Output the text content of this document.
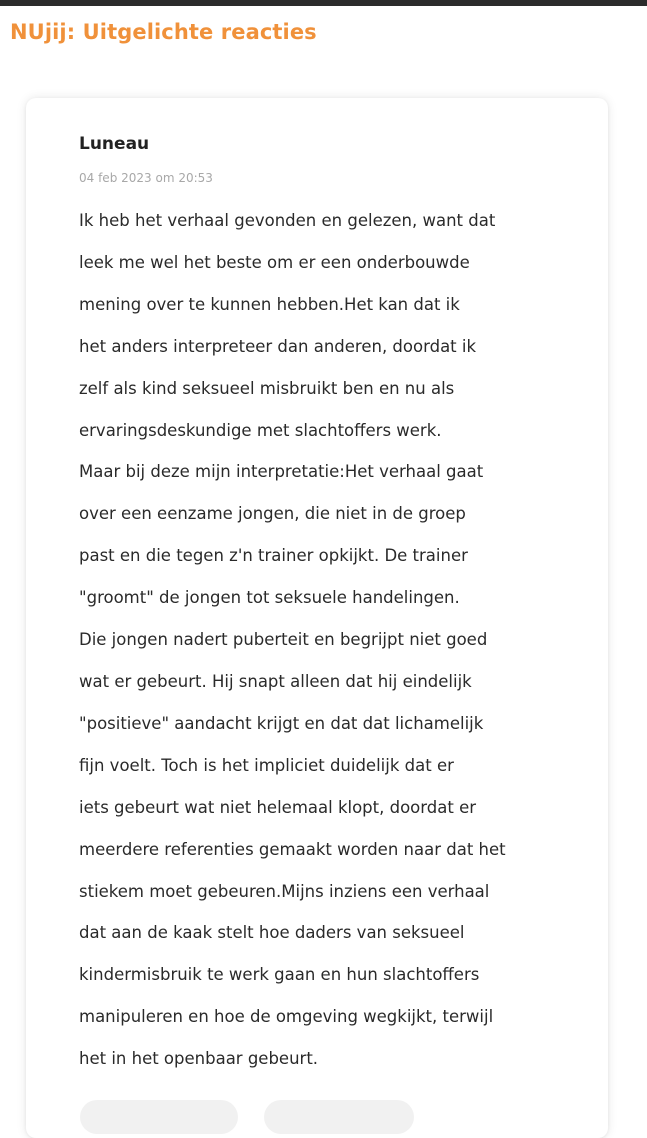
NUjij: Uitgelichte reacties
Luneau
04 feb 2023 om 20:53
Ik heb het verhaal gevonden en gelezen, want dat
leek me wel het beste om er een onderbouwde
mening over te kunnen hebben.Het kan dat ik
het anders interpreteer dan anderen, doordat ik
zelf als kind seksueel misbruikt ben en nu als
ervaringsdeskundige met slachtoffers werk.
Maar bij deze mijn interpretatie:Het verhaal gaat
over een eenzame jongen, die niet in de groep
past en die tegen z'n trainer opkijkt. De trainer
"groomt" de jongen tot seksuele handelingen.
Die jongen nadert puberteit en begrijpt niet goed
wat er gebeurt. Hij snapt alleen dat hij eindelijk
"positieve" aandacht krijgt en dat dat lichamelijk
fijn voelt. Toch is het impliciet duidelijk dat er
iets gebeurt wat niet helemaal klopt, doordat er
meerdere referenties gemaakt worden naar dat het
stiekem moet gebeuren.Mijns inziens een verhaal
dat aan de kaak stelt hoe daders van seksueel
kindermisbruik te werk gaan en hun slachtoffers
manipuleren en hoe de omgeving wegkijkt, terwijl
het in het openbaar gebeurt.
